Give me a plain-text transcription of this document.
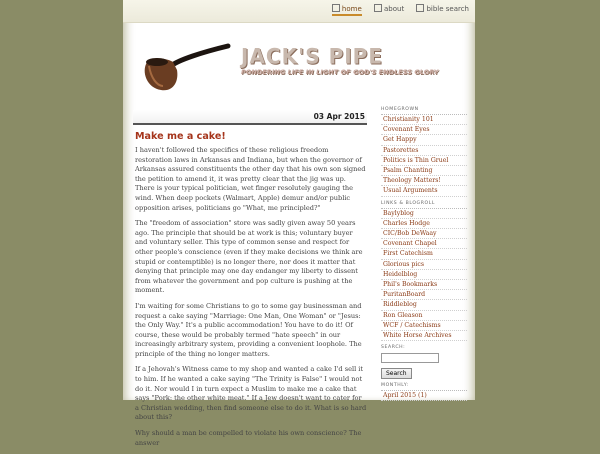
home	about	bible search
JACK'S PIPE
PONDERING LIFE IN LIGHT OF GOD'S ENDLESS GLORY
03 Apr 2015
Make me a cake!

I haven't followed the specifics of these religious freedom restoration laws in Arkansas and Indiana, but when the governor of Arkansas assured constituents the other day that his own son signed the petition to amend it, it was pretty clear that the jig was up. There is your typical politician, wet finger resolutely gauging the wind. When deep pockets (Walmart, Apple) demur and/or public opposition arises, politicians go "What, me principled?"

The "freedom of association" store was sadly given away 50 years ago. The principle that should be at work is this; voluntary buyer and voluntary seller. This type of common sense and respect for other people's conscience (even if they make decisions we think are stupid or contemptible) is no longer there, nor does it matter that denying that principle may one day endanger my liberty to dissent from whatever the government and pop culture is pushing at the moment.

I'm waiting for some Christians to go to some gay businessman and request a cake saying "Marriage: One Man, One Woman" or "Jesus: the Only Way." It's a public accommodation! You have to do it! Of course, these would be probably termed "hate speech" in our increasingly arbitrary system, providing a convenient loophole. The principle of the thing no longer matters.

If a Jehovah's Witness came to my shop and wanted a cake I'd sell it to him. If he wanted a cake saying "The Trinity is False" I would not do it. Nor would I in turn expect a Muslim to make me a cake that says "Pork: the other white meat." If a Jew doesn't want to cater for a Christian wedding, then find someone else to do it. What is so hard about this?

Why should a man be compelled to violate his own conscience? The answer

HOMEGROWN
Christianity 101
Covenant Eyes
Get Happy
Pastorettes
Politics is Thin Gruel
Psalm Chanting
Theology Matters!
Usual Arguments
LINKS & BLOGROLL
Baylyblog
Charles Hodge
CIC/Bob DeWaay
Covenant Chapel
First Catechism
Glorious pics
Heidelblog
Phil's Bookmarks
PuritanBoard
Riddleblog
Ron Gleason
WCF / Catechisms
White Horse Archives
SEARCH:
Search
MONTHLY:
April 2015 (1)
